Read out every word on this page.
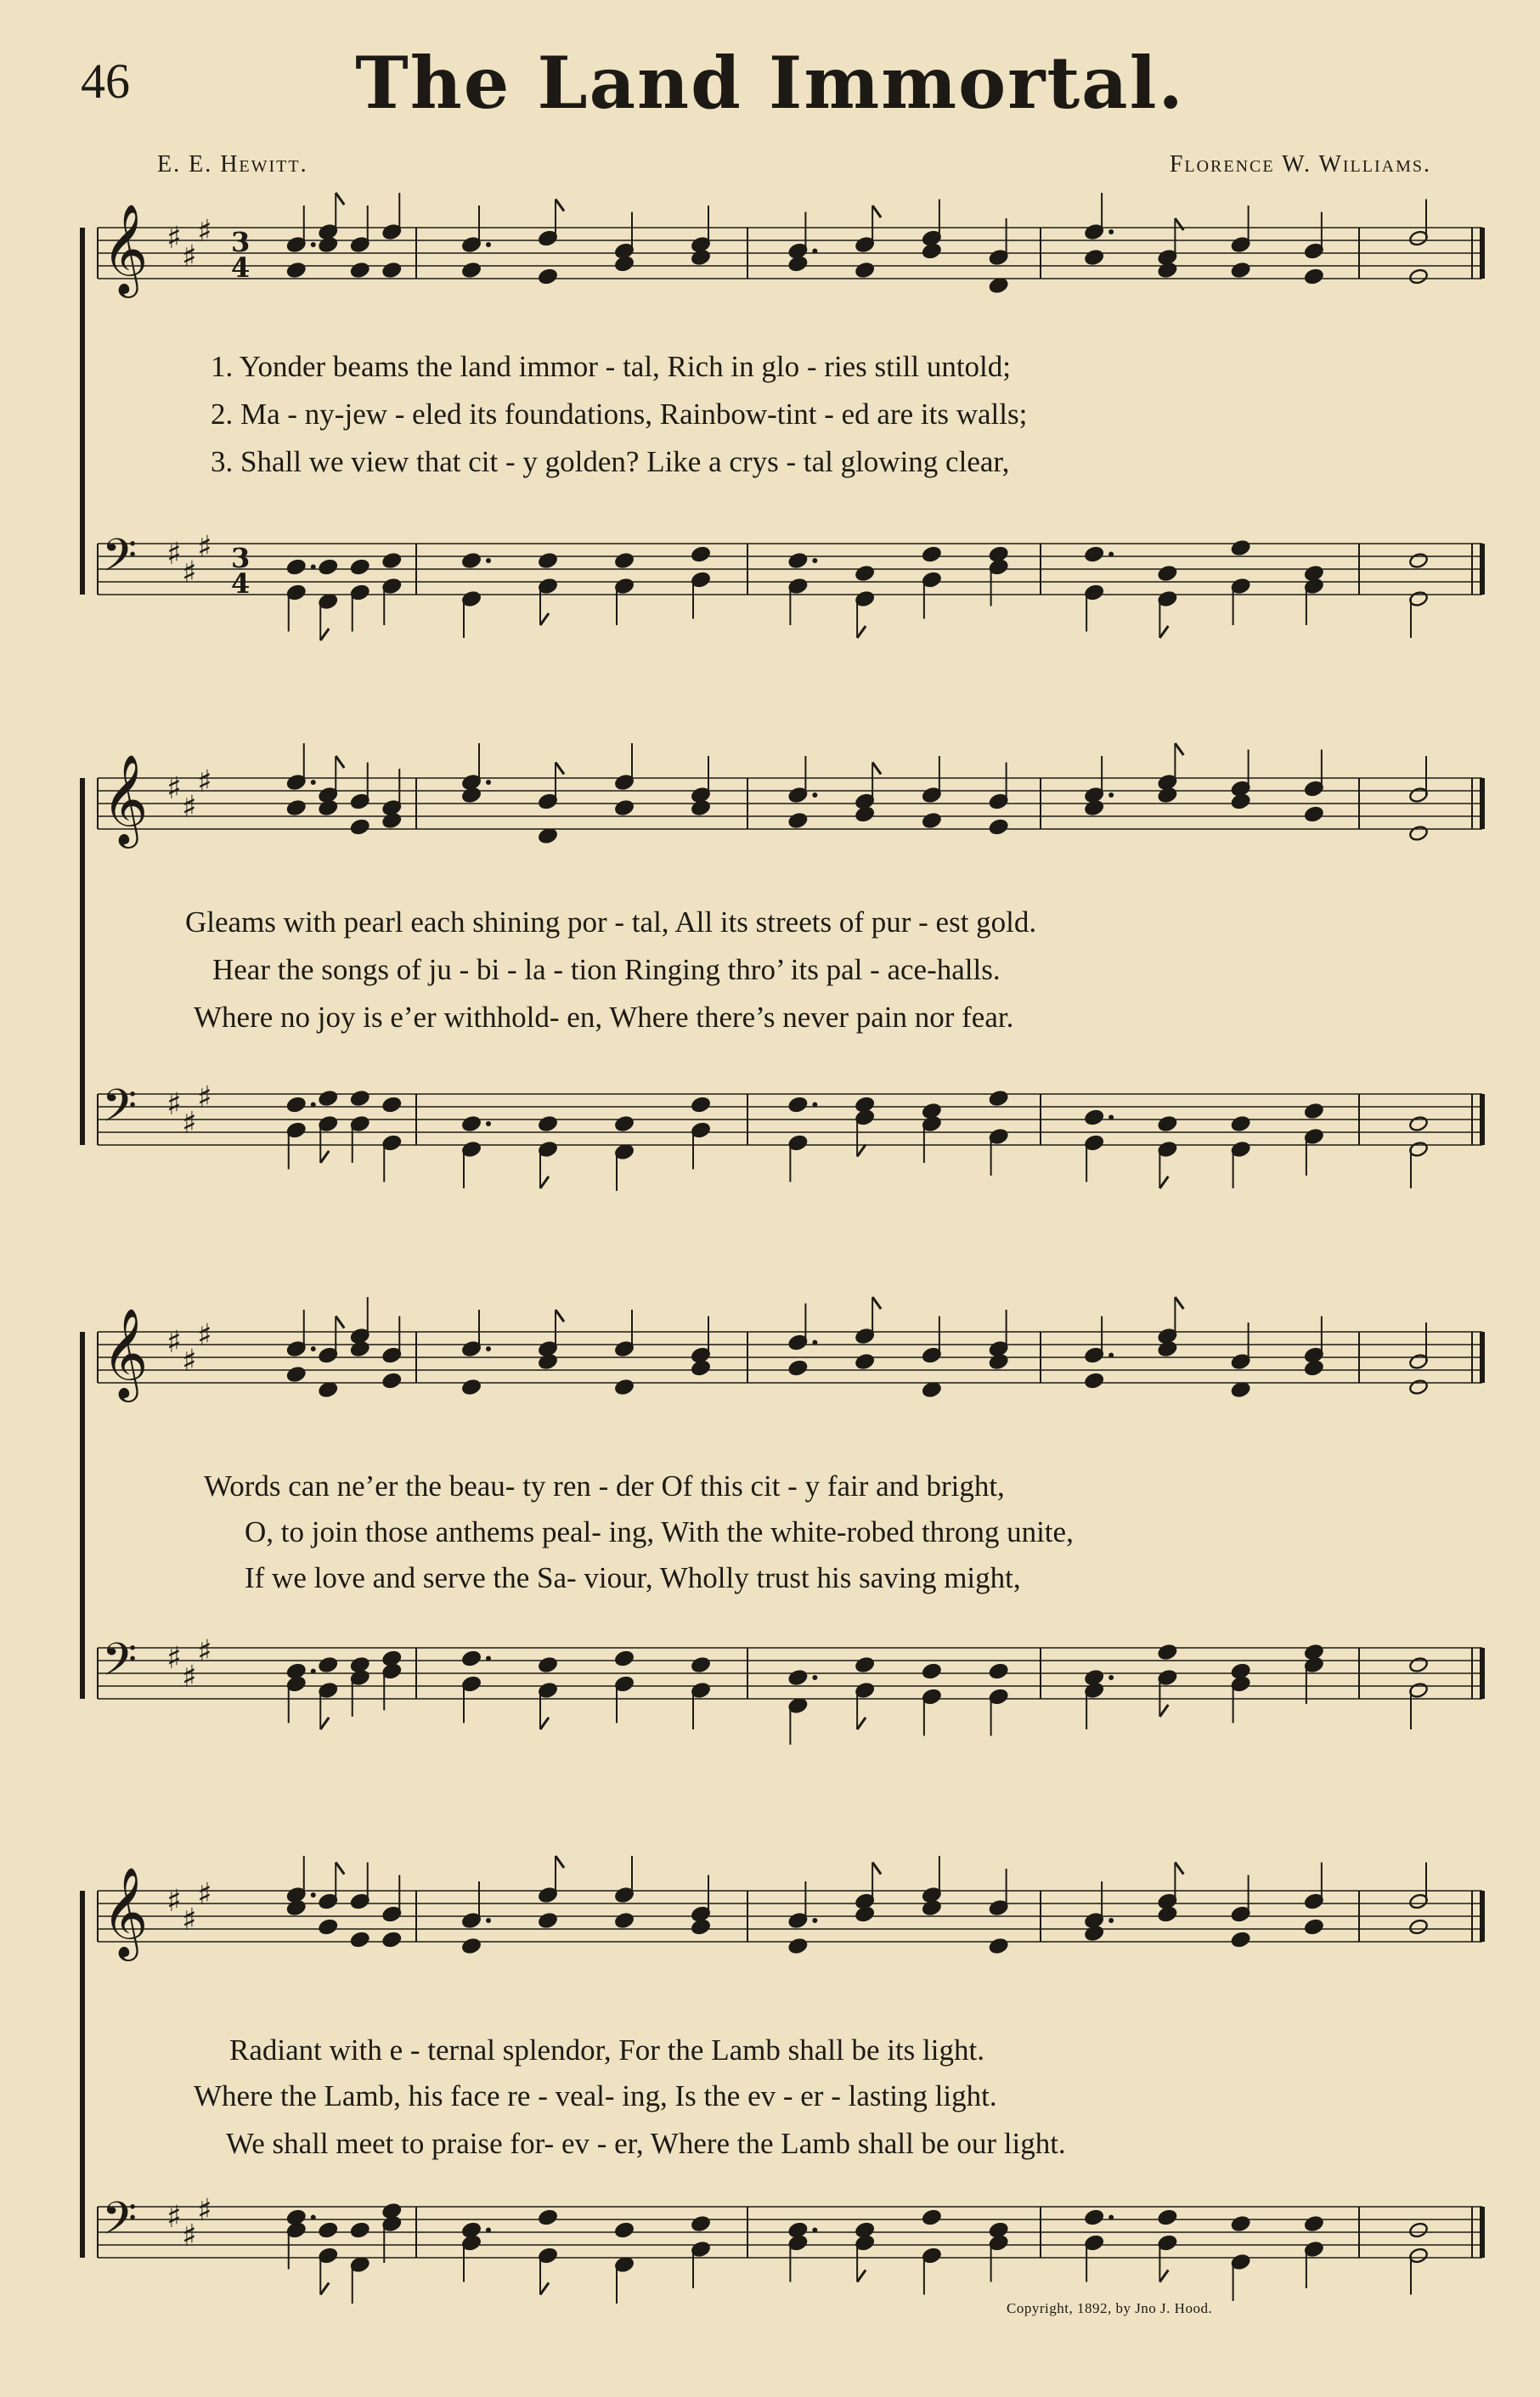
46	The Land Immortal.
E. E. Hewitt.	Florence W. Williams.
𝄞 ♯
♯
♯ 3
4
𝄢 ♯
♯
♯ 3
4
1. Yonder beams the land immor - tal, Rich in glo - ries still untold;
2. Ma - ny-jew - eled its foundations, Rainbow-tint - ed are its walls;
3. Shall we view that cit - y golden? Like a crys - tal glowing clear,
𝄞 ♯
♯
♯
𝄢 ♯
♯
♯
Gleams with pearl each shining por - tal, All its streets of pur - est gold.
Hear the songs of ju - bi - la - tion Ringing thro’ its pal - ace-halls.
Where no joy is e’er withhold- en, Where there’s never pain nor fear.
𝄞 ♯
♯
♯
𝄢 ♯
♯
♯
Words can ne’er the beau- ty ren - der Of this cit - y fair and bright,
O, to join those anthems peal- ing, With the white-robed throng unite,
If we love and serve the Sa- viour, Wholly trust his saving might,
𝄞 ♯
♯
♯
𝄢 ♯
♯
♯
Radiant with e - ternal splendor, For the Lamb shall be its light.
Where the Lamb, his face re - veal- ing, Is the ev - er - lasting light.
We shall meet to praise for- ev - er, Where the Lamb shall be our light.
Copyright, 1892, by Jno J. Hood.
